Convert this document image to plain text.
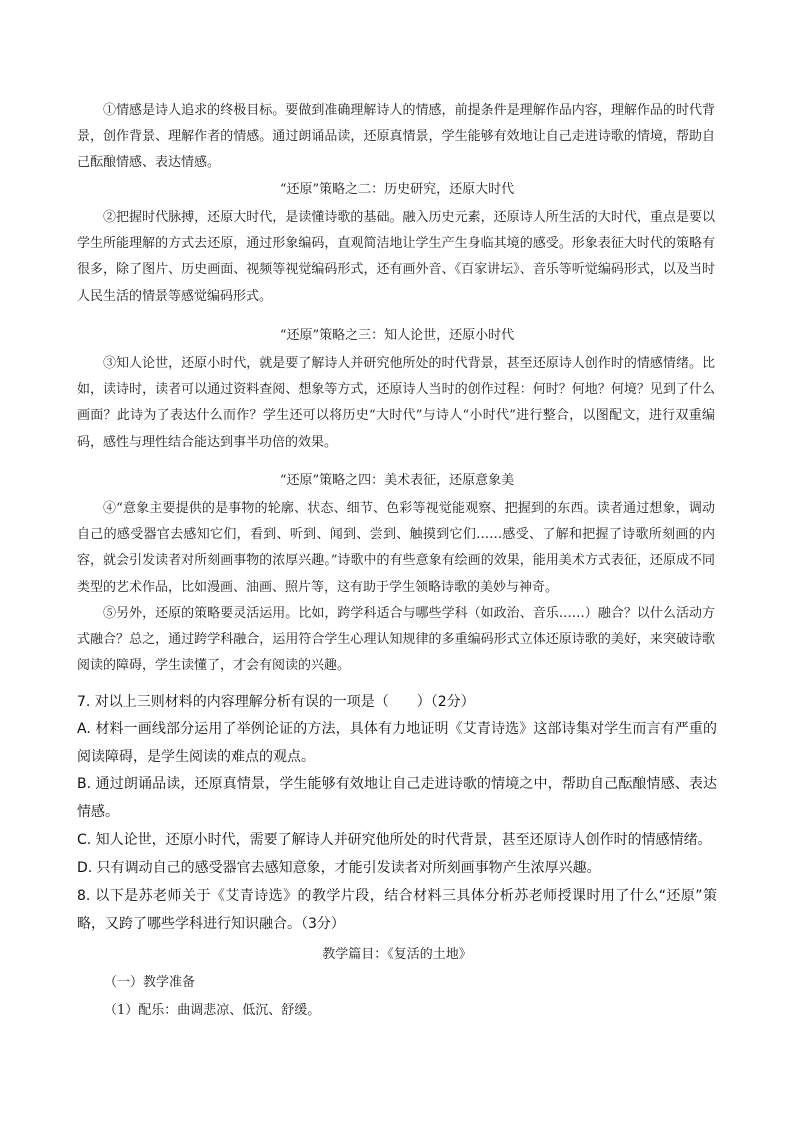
①情感是诗人追求的终极目标。要做到准确理解诗人的情感，前提条件是理解作品内容，理解作品的时代背景，创作背景、理解作者的情感。通过朗诵品读，还原真情景，学生能够有效地让自己走进诗歌的情境，帮助自己酝酿情感、表达情感。

“还原”策略之二：历史研究，还原大时代

②把握时代脉搏，还原大时代，是读懂诗歌的基础。融入历史元素，还原诗人所生活的大时代，重点是要以学生所能理解的方式去还原，通过形象编码，直观简洁地让学生产生身临其境的感受。形象表征大时代的策略有很多，除了图片、历史画面、视频等视觉编码形式，还有画外音、《百家讲坛》、音乐等听觉编码形式，以及当时人民生活的情景等感觉编码形式。

“还原”策略之三：知人论世，还原小时代

③知人论世，还原小时代，就是要了解诗人并研究他所处的时代背景，甚至还原诗人创作时的情感情绪。比如，读诗时，读者可以通过资料查阅、想象等方式，还原诗人当时的创作过程：何时？何地？何境？见到了什么画面？此诗为了表达什么而作？学生还可以将历史“大时代”与诗人“小时代”进行整合，以图配文，进行双重编码，感性与理性结合能达到事半功倍的效果。

“还原”策略之四：美术表征，还原意象美

④“意象主要提供的是事物的轮廓、状态、细节、色彩等视觉能观察、把握到的东西。读者通过想象，调动自己的感受器官去感知它们，看到、听到、闻到、尝到、触摸到它们……感受、了解和把握了诗歌所刻画的内容，就会引发读者对所刻画事物的浓厚兴趣。”诗歌中的有些意象有绘画的效果，能用美术方式表征，还原成不同类型的艺术作品，比如漫画、油画、照片等，这有助于学生领略诗歌的美妙与神奇。

⑤另外，还原的策略要灵活运用。比如，跨学科适合与哪些学科（如政治、音乐……）融合？以什么活动方式融合？总之，通过跨学科融合，运用符合学生心理认知规律的多重编码形式立体还原诗歌的美好，来突破诗歌阅读的障碍，学生读懂了，才会有阅读的兴趣。

7. 对以上三则材料的内容理解分析有误的一项是（　　）（2分）

A. 材料一画线部分运用了举例论证的方法，具体有力地证明《艾青诗选》这部诗集对学生而言有严重的阅读障碍，是学生阅读的难点的观点。

B. 通过朗诵品读，还原真情景，学生能够有效地让自己走进诗歌的情境之中，帮助自己酝酿情感、表达情感。

C. 知人论世，还原小时代，需要了解诗人并研究他所处的时代背景，甚至还原诗人创作时的情感情绪。

D. 只有调动自己的感受器官去感知意象，才能引发读者对所刻画事物产生浓厚兴趣。

8. 以下是苏老师关于《艾青诗选》的教学片段，结合材料三具体分析苏老师授课时用了什么“还原”策略，又跨了哪些学科进行知识融合。（3分）

教学篇目：《复活的土地》

（一）教学准备

（1）配乐：曲调悲凉、低沉、舒缓。
